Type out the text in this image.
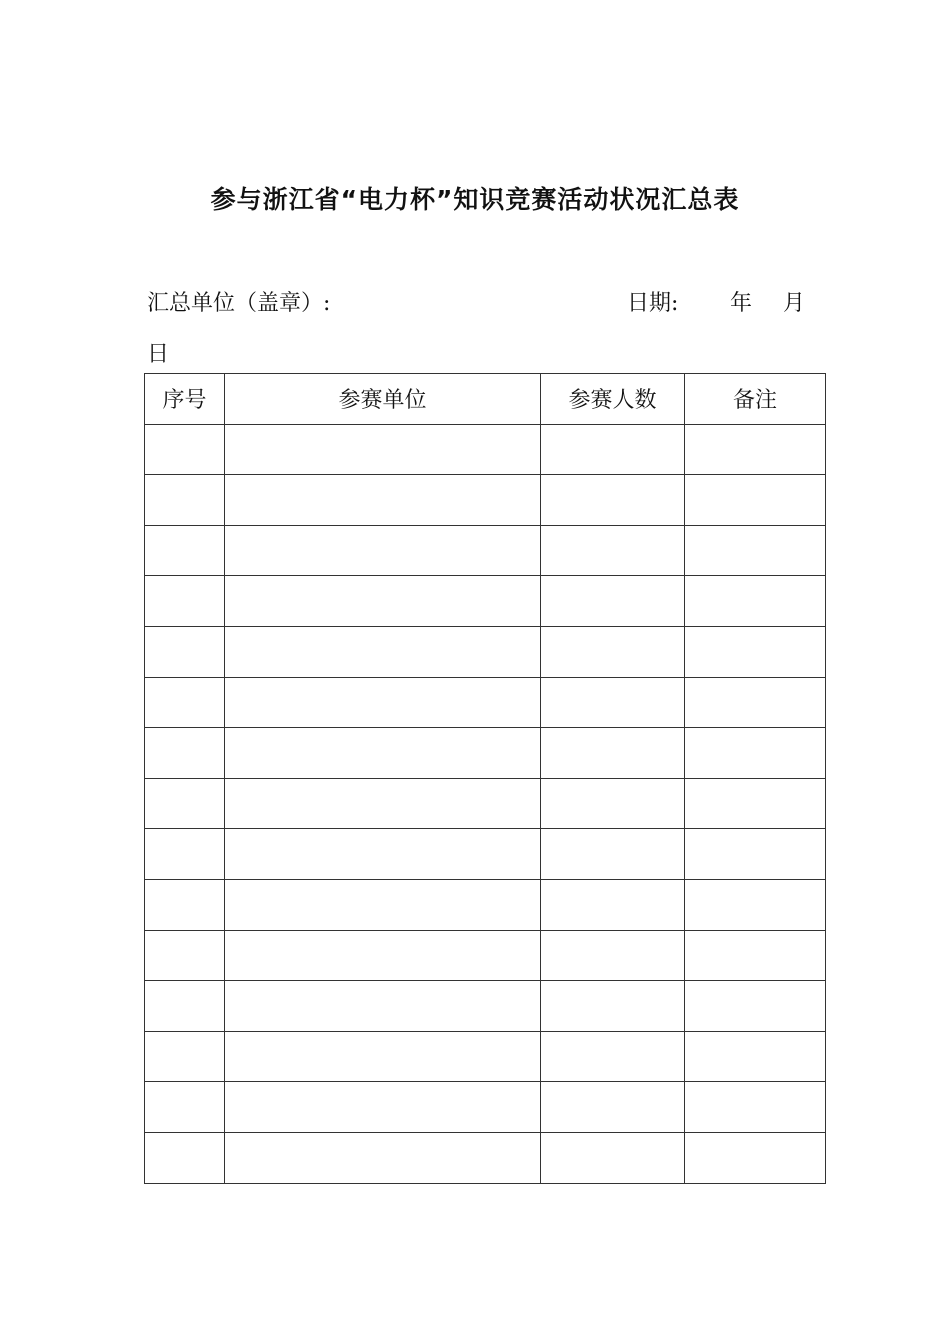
参与浙江省“电力杯”知识竞赛活动状况汇总表
汇总单位（盖章）:	日期: 年 月
日
序号	参赛单位	参赛人数	备注
